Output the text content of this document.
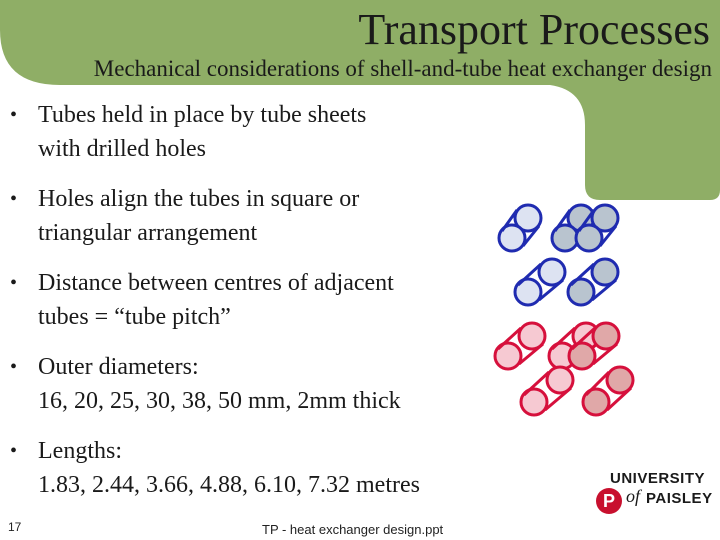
Transport Processes
Mechanical considerations of shell-and-tube heat exchanger design
• Tubes held in place by tube sheets
with drilled holes
• Holes align the tubes in square or
triangular arrangement
• Distance between centres of adjacent
tubes = “tube pitch”
• Outer diameters:
16, 20, 25, 30, 38, 50 mm, 2mm thick
• Lengths:
1.83, 2.44, 3.66, 4.88, 6.10, 7.32 metres
17	TP - heat exchanger design.ppt
UNIVERSITY
P of PAISLEY
